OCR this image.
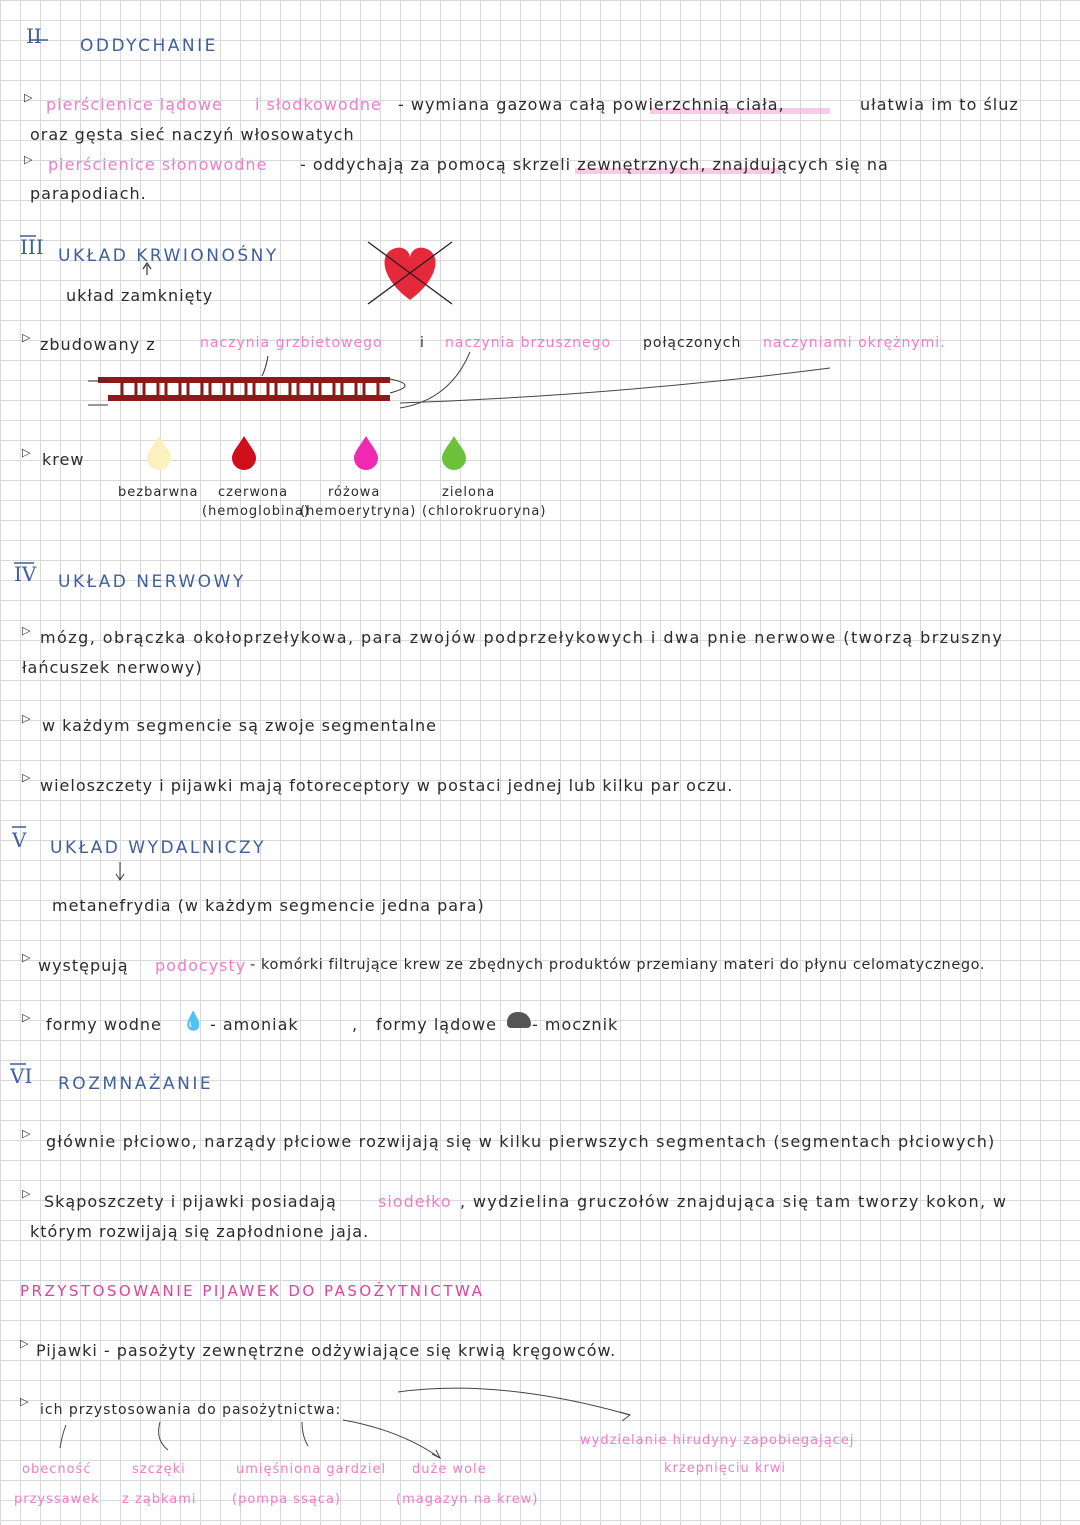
II ODDYCHANIE
▷ pierścienice lądowe i słodkowodne - wymiana gazowa całą powierzchnią ciała,	ułatwia im to śluz
oraz gęsta sieć naczyń włosowatych
▷ pierścienice słonowodne - oddychają za pomocą skrzeli zewnętrznych, znajdujących się na
parapodiach.
III UKŁAD KRWIONOŚNY
układ zamknięty
▷ zbudowany z	naczynia grzbietowego	i naczynia brzusznego połączonych naczyniami okrężnymi.
▷ krew
bezbarwna czerwona
(hemoglobina)
różowa
(hemoerytryna)
zielona
(chlorokruoryna)
IV UKŁAD NERWOWY
▷ mózg, obrączka okołoprzełykowa, para zwojów podprzełykowych i dwa pnie nerwowe (tworzą brzuszny
łańcuszek nerwowy)
▷ w każdym segmencie są zwoje segmentalne
▷ wieloszczety i pijawki mają fotoreceptory w postaci jednej lub kilku par oczu.
V UKŁAD WYDALNICZY
metanefrydia (w każdym segmencie jedna para)
▷ występują podocysty - komórki filtrujące krew ze zbędnych produktów przemiany materi do płynu celomatycznego.
▷ formy wodne 💧 - amoniak	, formy lądowe - mocznik
VI ROZMNAŻANIE
▷ głównie płciowo, narządy płciowe rozwijają się w kilku pierwszych segmentach (segmentach płciowych)
▷ Skąposzczety i pijawki posiadają	siodełko , wydzielina gruczołów znajdująca się tam tworzy kokon, w
którym rozwijają się zapłodnione jaja.
PRZYSTOSOWANIE PIJAWEK DO PASOŻYTNICTWA
▷ Pijawki - pasożyty zewnętrzne odżywiające się krwią kręgowców.
▷
ich przystosowania do pasożytnictwa:
obecność
przyssawek
szczęki
z ząbkami
umięśniona gardziel
(pompa ssąca)
duże wole
(magazyn na krew)
wydzielanie hirudyny zapobiegającej
krzepnięciu krwi
